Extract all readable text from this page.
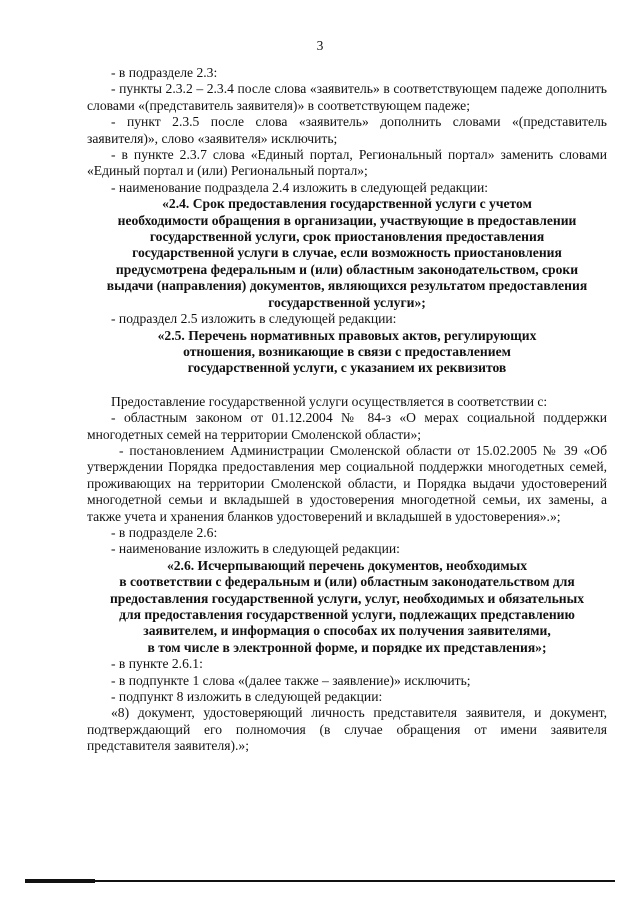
3

- в подразделе 2.3:

- пункты 2.3.2 – 2.3.4 после слова «заявитель» в соответствующем падеже дополнить словами «(представитель заявителя)» в соответствующем падеже;

- пункт 2.3.5 после слова «заявитель» дополнить словами «(представитель заявителя)», слово «заявителя» исключить;

- в пункте 2.3.7 слова «Единый портал, Региональный портал» заменить словами «Единый портал и (или) Региональный портал»;

- наименование подраздела 2.4 изложить в следующей редакции:

«2.4. Срок предоставления государственной услуги с учетом
необходимости обращения в организации, участвующие в предоставлении
государственной услуги, срок приостановления предоставления
государственной услуги в случае, если возможность приостановления
предусмотрена федеральным и (или) областным законодательством, сроки
выдачи (направления) документов, являющихся результатом предоставления
государственной услуги»;

- подраздел 2.5 изложить в следующей редакции:

«2.5. Перечень нормативных правовых актов, регулирующих
отношения, возникающие в связи с предоставлением
государственной услуги, с указанием их реквизитов

Предоставление государственной услуги осуществляется в соответствии с:

- областным законом от 01.12.2004 № 84-з «О мерах социальной поддержки многодетных семей на территории Смоленской области»;

- постановлением Администрации Смоленской области от 15.02.2005 № 39 «Об утверждении Порядка предоставления мер социальной поддержки многодетных семей, проживающих на территории Смоленской области, и Порядка выдачи удостоверений многодетной семьи и вкладышей в удостоверения многодетной семьи, их замены, а также учета и хранения бланков удостоверений и вкладышей в удостоверения».»;

- в подразделе 2.6:

- наименование изложить в следующей редакции:

«2.6. Исчерпывающий перечень документов, необходимых
в соответствии с федеральным и (или) областным законодательством для
предоставления государственной услуги, услуг, необходимых и обязательных
для предоставления государственной услуги, подлежащих представлению
заявителем, и информация о способах их получения заявителями,
в том числе в электронной форме, и порядке их представления»;

- в пункте 2.6.1:

- в подпункте 1 слова «(далее также – заявление)» исключить;

- подпункт 8 изложить в следующей редакции:

«8) документ, удостоверяющий личность представителя заявителя, и документ, подтверждающий его полномочия (в случае обращения от имени заявителя представителя заявителя).»;
